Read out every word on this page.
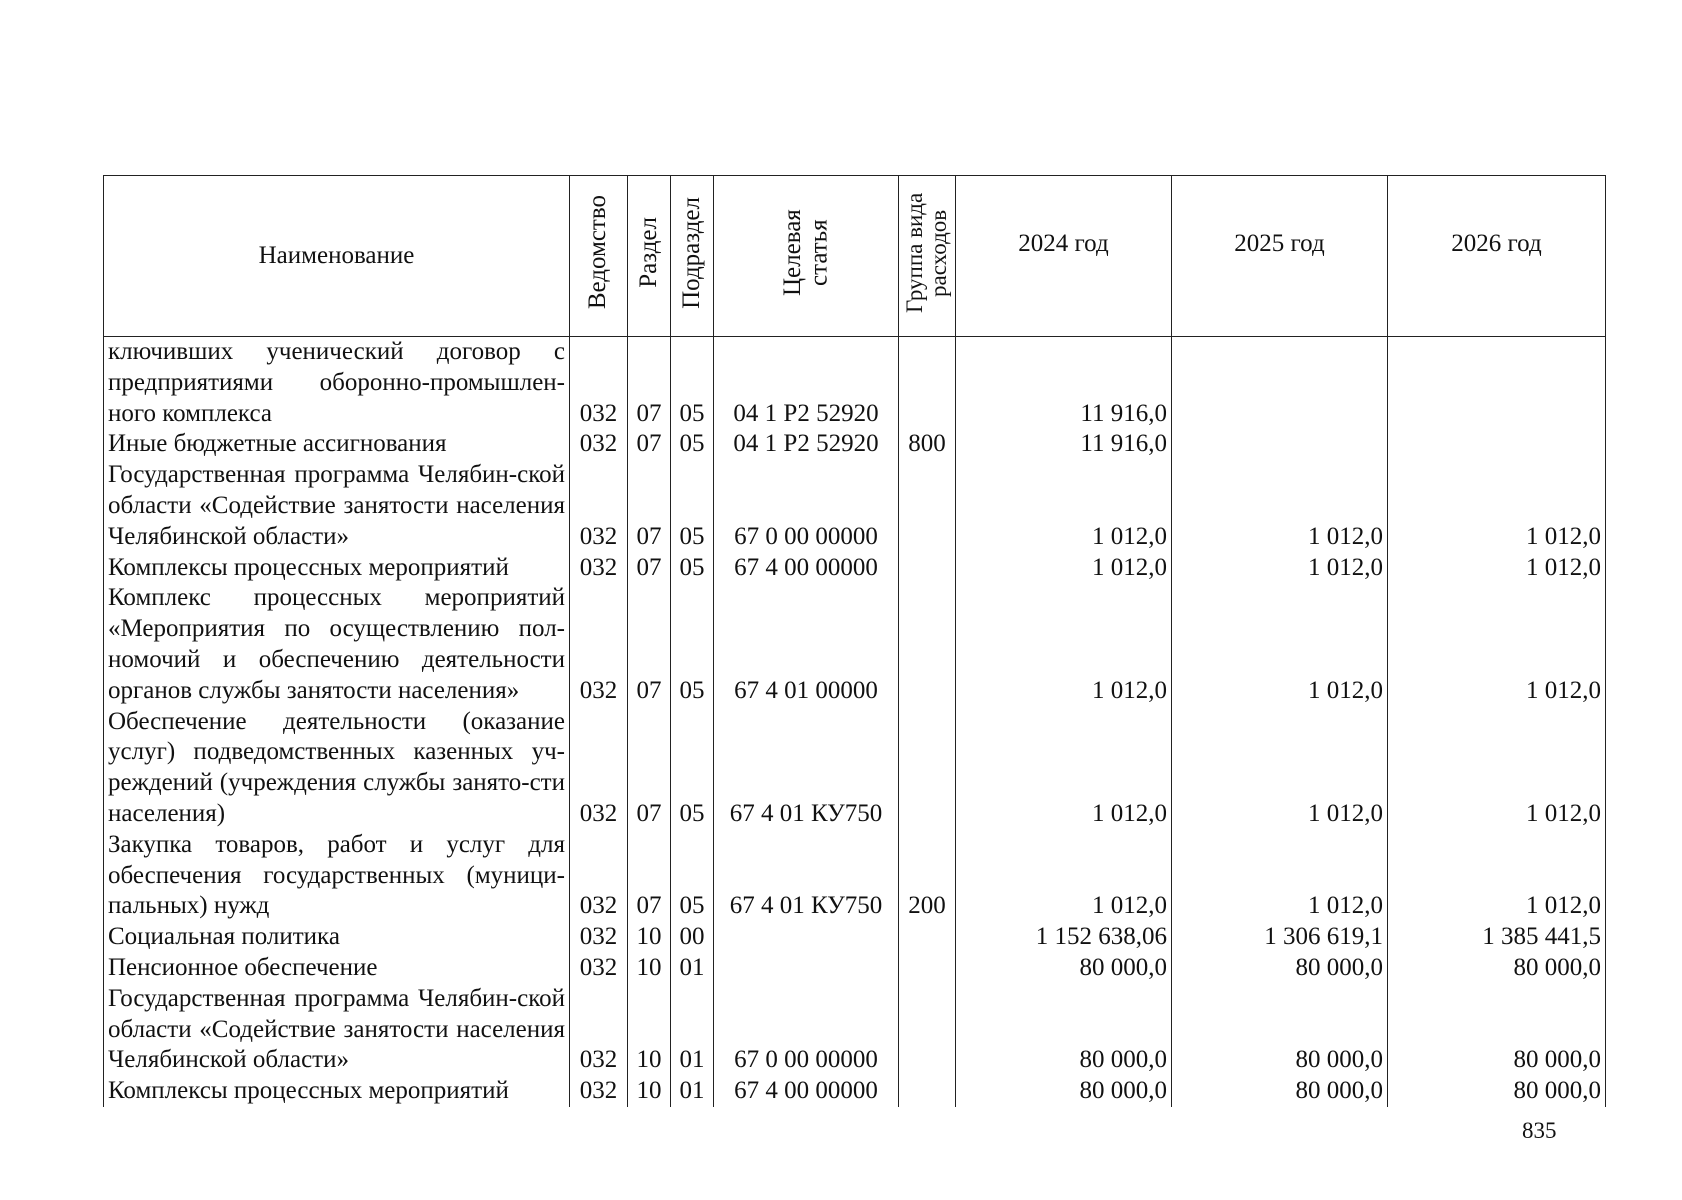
Наименование	Ведомство	Раздел	Подраздел	Целевая статья	Группа вида расходов	2024 год	2025 год	2026 год
ключивших ученический договор с предприятиями оборонно-промышлен-ного комплекса	032	07	05	04 1 Р2 52920		11 916,0		
Иные бюджетные ассигнования	032	07	05	04 1 Р2 52920	800	11 916,0		
Государственная программа Челябин-ской области «Содействие занятости населения Челябинской области»	032	07	05	67 0 00 00000		1 012,0	1 012,0	1 012,0
Комплексы процессных мероприятий	032	07	05	67 4 00 00000		1 012,0	1 012,0	1 012,0
Комплекс процессных мероприятий «Мероприятия по осуществлению пол-номочий и обеспечению деятельности органов службы занятости населения»	032	07	05	67 4 01 00000		1 012,0	1 012,0	1 012,0
Обеспечение деятельности (оказание услуг) подведомственных казенных уч-реждений (учреждения службы занято-сти населения)	032	07	05	67 4 01 КУ750		1 012,0	1 012,0	1 012,0
Закупка товаров, работ и услуг для обеспечения государственных (муници-пальных) нужд	032	07	05	67 4 01 КУ750	200	1 012,0	1 012,0	1 012,0
Социальная политика	032	10	00			1 152 638,06	1 306 619,1	1 385 441,5
Пенсионное обеспечение	032	10	01			80 000,0	80 000,0	80 000,0
Государственная программа Челябин-ской области «Содействие занятости населения Челябинской области»	032	10	01	67 0 00 00000		80 000,0	80 000,0	80 000,0
Комплексы процессных мероприятий	032	10	01	67 4 00 00000		80 000,0	80 000,0	80 000,0
835
